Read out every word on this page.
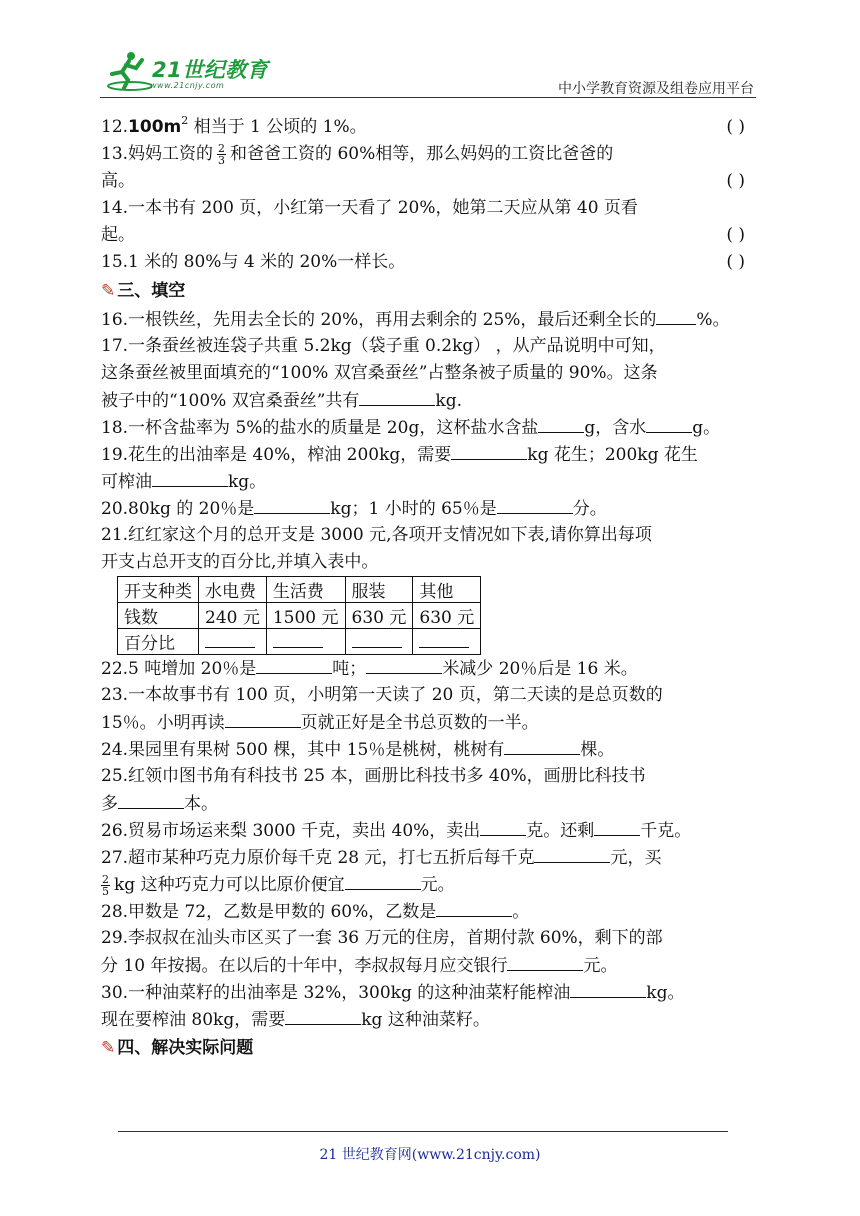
21世纪教育
www.21cnjy.com	中小学教育资源及组卷应用平台
$12.100m^2$ 相当于 1 公顷的 1%。	( )
13.妈妈工资的 $\frac{2}{3}$ 和爸爸工资的 60%相等，那么妈妈的工资比爸爸的
高。	( )
14.一本书有 200 页，小红第一天看了 20%，她第二天应从第 40 页看
起。	( )
15.1 米的 80%与 4 米的 20%一样长。	( )
✎ 三、填空
16.一根铁丝，先用去全长的 20%，再用去剩余的 25%，最后还剩全长的 %。
17.一条蚕丝被连袋子共重 5.2kg（袋子重 0.2kg） ，从产品说明中可知，
这条蚕丝被里面填充的“100% 双宫桑蚕丝”占整条被子质量的 90%。这条
被子中的“100% 双宫桑蚕丝”共有	kg.
18.一杯含盐率为 5%的盐水的质量是 20g，这杯盐水含盐	g，含水	g。
19.花生的出油率是 40%，榨油 200kg，需要	kg 花生；200kg 花生
可榨油	kg。
20.80kg 的 20％是	kg；1 小时的 65％是	分。
21.红红家这个月的总开支是 3000 元,各项开支情况如下表,请你算出每项
开支占总开支的百分比,并填入表中。
开支种类	水电费	生活费	服装	其他
钱数	240 元	1500 元	630 元	630 元
百分比				
22.5 吨增加 20％是	吨；	米减少 20％后是 16 米。
23.一本故事书有 100 页，小明第一天读了 20 页，第二天读的是总页数的
15％。小明再读	页就正好是全书总页数的一半。
24.果园里有果树 500 棵，其中 15％是桃树，桃树有	棵。
25.红领巾图书角有科技书 25 本，画册比科技书多 40%，画册比科技书
多	本。
26.贸易市场运来梨 3000 千克，卖出 40%，卖出	克。还剩	千克。
27.超市某种巧克力原价每千克 28 元，打七五折后每千克	元，买
$\frac{2}{5}$ kg 这种巧克力可以比原价便宜	元。
28.甲数是 72，乙数是甲数的 60%，乙数是	。
29.李叔叔在汕头市区买了一套 36 万元的住房，首期付款 60%，剩下的部
分 10 年按揭。在以后的十年中，李叔叔每月应交银行	元。
30.一种油菜籽的出油率是 32%，300kg 的这种油菜籽能榨油	kg。
现在要榨油 80kg，需要	kg 这种油菜籽。
✎ 四、解决实际问题
21 世纪教育网(www.21cnjy.com)
